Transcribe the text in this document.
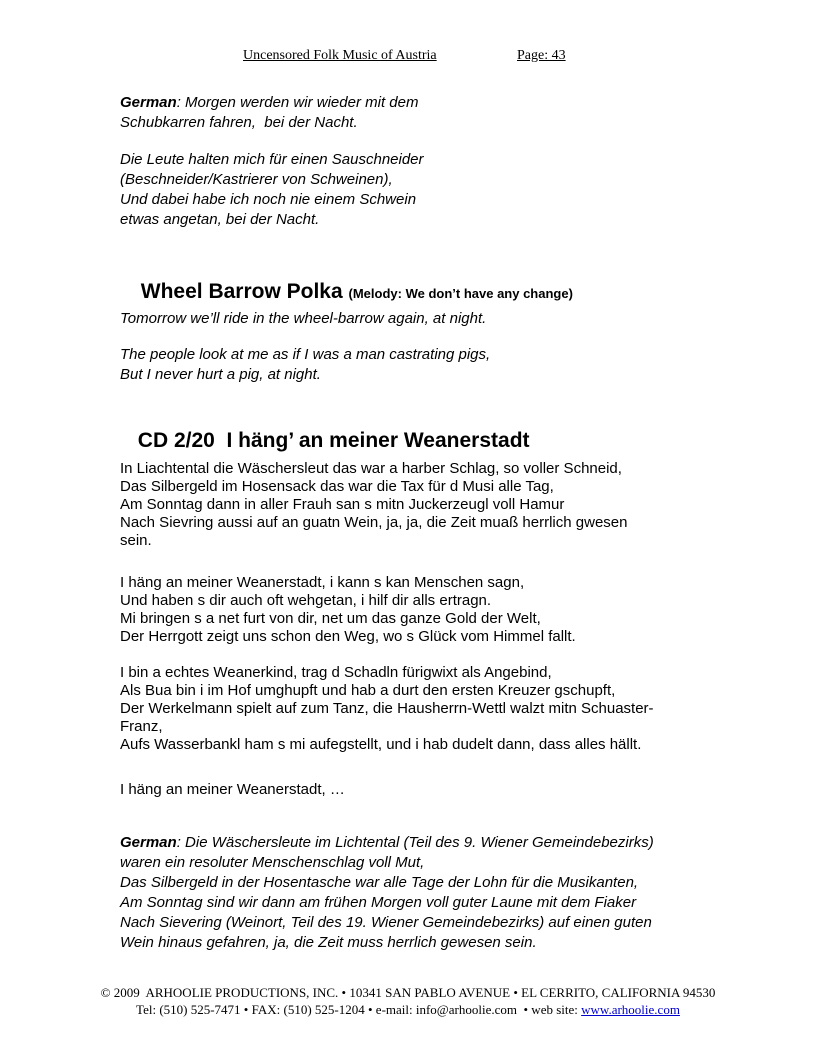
Uncensored Folk Music of Austria	Page: 43
German: Morgen werden wir wieder mit dem
Schubkarren fahren,  bei der Nacht.
Die Leute halten mich für einen Sauschneider
(Beschneider/Kastrierer von Schweinen),
Und dabei habe ich noch nie einem Schwein
etwas angetan, bei der Nacht.

Wheel Barrow Polka (Melody: We don’t have any change)

Tomorrow we’ll ride in the wheel-barrow again, at night.
The people look at me as if I was a man castrating pigs,
But I never hurt a pig, at night.

CD 2/20  I häng’ an meiner Weanerstadt

In Liachtental die Wäschersleut das war a harber Schlag, so voller Schneid,
Das Silbergeld im Hosensack das war die Tax für d Musi alle Tag,
Am Sonntag dann in aller Frauh san s mitn Juckerzeugl voll Hamur
Nach Sievring aussi auf an guatn Wein, ja, ja, die Zeit muaß herrlich gwesen
sein.
I häng an meiner Weanerstadt, i kann s kan Menschen sagn,
Und haben s dir auch oft wehgetan, i hilf dir alls ertragn.
Mi bringen s a net furt von dir, net um das ganze Gold der Welt,
Der Herrgott zeigt uns schon den Weg, wo s Glück vom Himmel fallt.
I bin a echtes Weanerkind, trag d Schadln fürigwixt als Angebind,
Als Bua bin i im Hof umghupft und hab a durt den ersten Kreuzer gschupft,
Der Werkelmann spielt auf zum Tanz, die Hausherrn-Wettl walzt mitn Schuaster-
Franz,
Aufs Wasserbankl ham s mi aufegstellt, und i hab dudelt dann, dass alles hällt.
I häng an meiner Weanerstadt, …
German: Die Wäschersleute im Lichtental (Teil des 9. Wiener Gemeindebezirks)
waren ein resoluter Menschenschlag voll Mut,
Das Silbergeld in der Hosentasche war alle Tage der Lohn für die Musikanten,
Am Sonntag sind wir dann am frühen Morgen voll guter Laune mit dem Fiaker
Nach Sievering (Weinort, Teil des 19. Wiener Gemeindebezirks) auf einen guten
Wein hinaus gefahren, ja, die Zeit muss herrlich gewesen sein.
© 2009  ARHOOLIE PRODUCTIONS, INC. • 10341 SAN PABLO AVENUE • EL CERRITO, CALIFORNIA 94530
Tel: (510) 525-7471 • FAX: (510) 525-1204 • e-mail: info@arhoolie.com  • web site: www.arhoolie.com
